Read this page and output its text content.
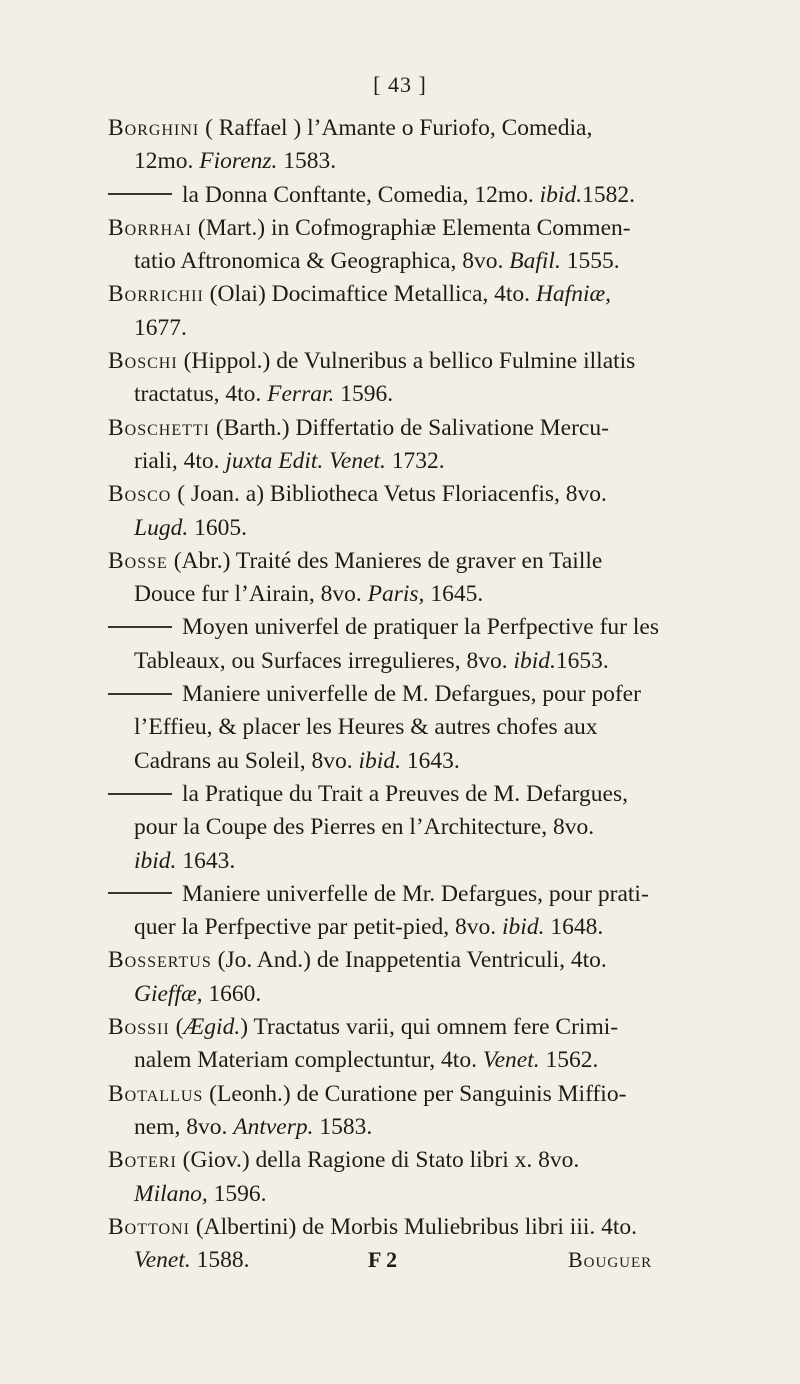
[ 43 ]
Borghini ( Raffael ) l’Amante o Furiofo, Comedia,
12mo. Fiorenz. 1583.
la Donna Conftante, Comedia, 12mo. ibid.1582.
Borrhai (Mart.) in Cofmographiæ Elementa Commen-
tatio Aftronomica & Geographica, 8vo. Bafil. 1555.
Borrichii (Olai) Docimaftice Metallica, 4to. Hafniæ,
1677.
Boschi (Hippol.) de Vulneribus a bellico Fulmine illatis
tractatus, 4to. Ferrar. 1596.
Boschetti (Barth.) Differtatio de Salivatione Mercu-
riali, 4to. juxta Edit. Venet. 1732.
Bosco ( Joan. a) Bibliotheca Vetus Floriacenfis, 8vo.
Lugd. 1605.
Bosse (Abr.) Traité des Manieres de graver en Taille
Douce fur l’Airain, 8vo. Paris, 1645.
Moyen univerfel de pratiquer la Perfpective fur les
Tableaux, ou Surfaces irregulieres, 8vo. ibid.1653.
Maniere univerfelle de M. Defargues, pour pofer
l’Effieu, & placer les Heures & autres chofes aux
Cadrans au Soleil, 8vo. ibid. 1643.
la Pratique du Trait a Preuves de M. Defargues,
pour la Coupe des Pierres en l’Architecture, 8vo.
ibid. 1643.
Maniere univerfelle de Mr. Defargues, pour prati-
quer la Perfpective par petit-pied, 8vo. ibid. 1648.
Bossertus (Jo. And.) de Inappetentia Ventriculi, 4to.
Gieffæ, 1660.
Bossii (Ægid.) Tractatus varii, qui omnem fere Crimi-
nalem Materiam complectuntur, 4to. Venet. 1562.
Botallus (Leonh.) de Curatione per Sanguinis Miffio-
nem, 8vo. Antverp. 1583.
Boteri (Giov.) della Ragione di Stato libri x. 8vo.
Milano, 1596.
Bottoni (Albertini) de Morbis Muliebribus libri iii. 4to.
Venet. 1588.	F 2	Bouguer
